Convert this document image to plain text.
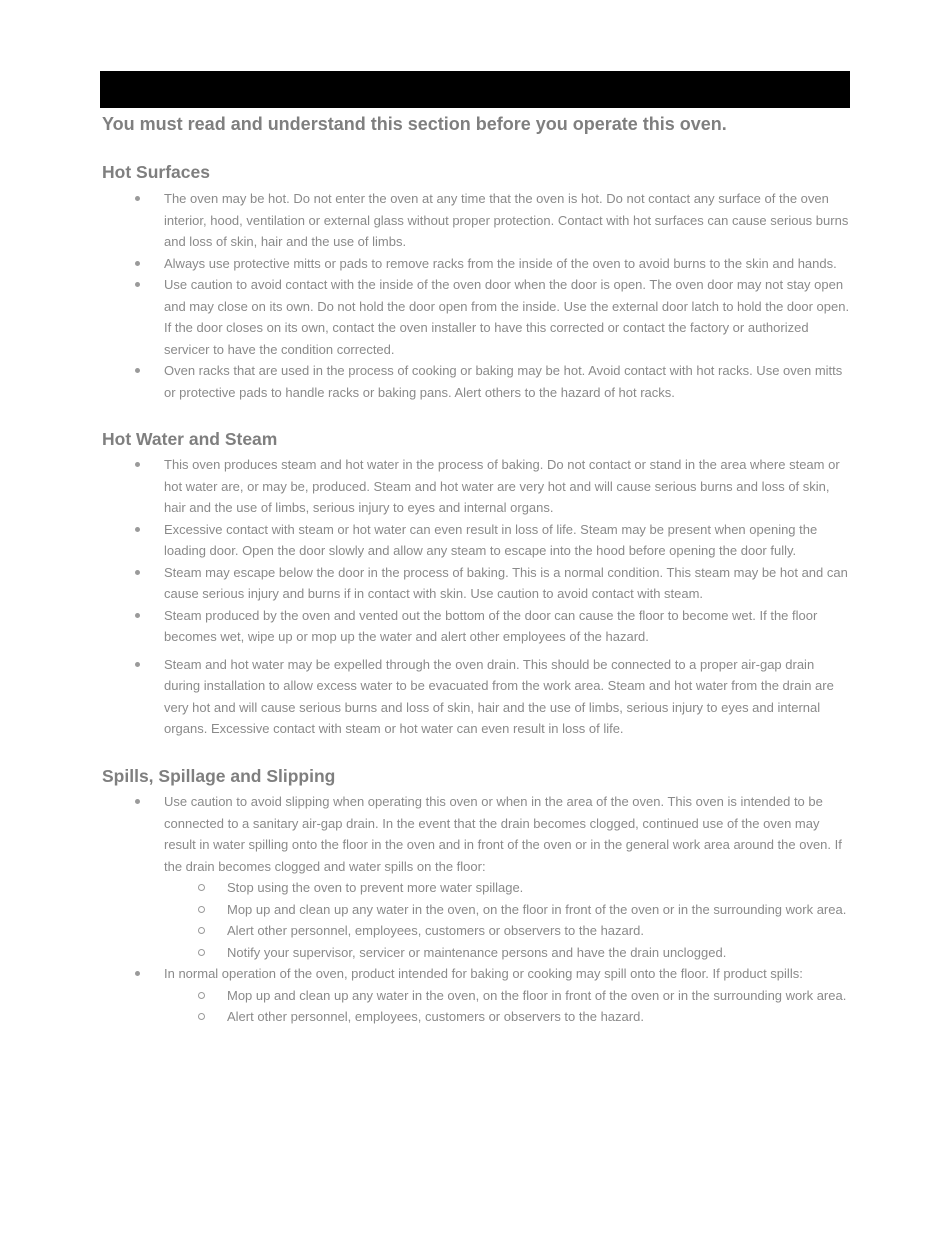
You must read and understand this section before you operate this oven.
Hot Surfaces
The oven may be hot. Do not enter the oven at any time that the oven is hot. Do not contact any surface of the oven interior, hood, ventilation or external glass without proper protection. Contact with hot surfaces can cause serious burns and loss of skin, hair and the use of limbs.
Always use protective mitts or pads to remove racks from the inside of the oven to avoid burns to the skin and hands.
Use caution to avoid contact with the inside of the oven door when the door is open. The oven door may not stay open and may close on its own. Do not hold the door open from the inside. Use the external door latch to hold the door open. If the door closes on its own, contact the oven installer to have this corrected or contact the factory or authorized servicer to have the condition corrected.
Oven racks that are used in the process of cooking or baking may be hot. Avoid contact with hot racks. Use oven mitts or protective pads to handle racks or baking pans. Alert others to the hazard of hot racks.
Hot Water and Steam
This oven produces steam and hot water in the process of baking. Do not contact or stand in the area where steam or hot water are, or may be, produced. Steam and hot water are very hot and will cause serious burns and loss of skin, hair and the use of limbs, serious injury to eyes and internal organs.
Excessive contact with steam or hot water can even result in loss of life. Steam may be present when opening the loading door. Open the door slowly and allow any steam to escape into the hood before opening the door fully.
Steam may escape below the door in the process of baking. This is a normal condition. This steam may be hot and can cause serious injury and burns if in contact with skin. Use caution to avoid contact with steam.
Steam produced by the oven and vented out the bottom of the door can cause the floor to become wet. If the floor becomes wet, wipe up or mop up the water and alert other employees of the hazard.
Steam and hot water may be expelled through the oven drain. This should be connected to a proper air-gap drain during installation to allow excess water to be evacuated from the work area. Steam and hot water from the drain are very hot and will cause serious burns and loss of skin, hair and the use of limbs, serious injury to eyes and internal organs. Excessive contact with steam or hot water can even result in loss of life.
Spills, Spillage and Slipping
Use caution to avoid slipping when operating this oven or when in the area of the oven. This oven is intended to be connected to a sanitary air-gap drain. In the event that the drain becomes clogged, continued use of the oven may result in water spilling onto the floor in the oven and in front of the oven or in the general work area around the oven. If the drain becomes clogged and water spills on the floor:
Stop using the oven to prevent more water spillage.
Mop up and clean up any water in the oven, on the floor in front of the oven or in the surrounding work area.
Alert other personnel, employees, customers or observers to the hazard.
Notify your supervisor, servicer or maintenance persons and have the drain unclogged.
In normal operation of the oven, product intended for baking or cooking may spill onto the floor. If product spills:
Mop up and clean up any water in the oven, on the floor in front of the oven or in the surrounding work area.
Alert other personnel, employees, customers or observers to the hazard.
